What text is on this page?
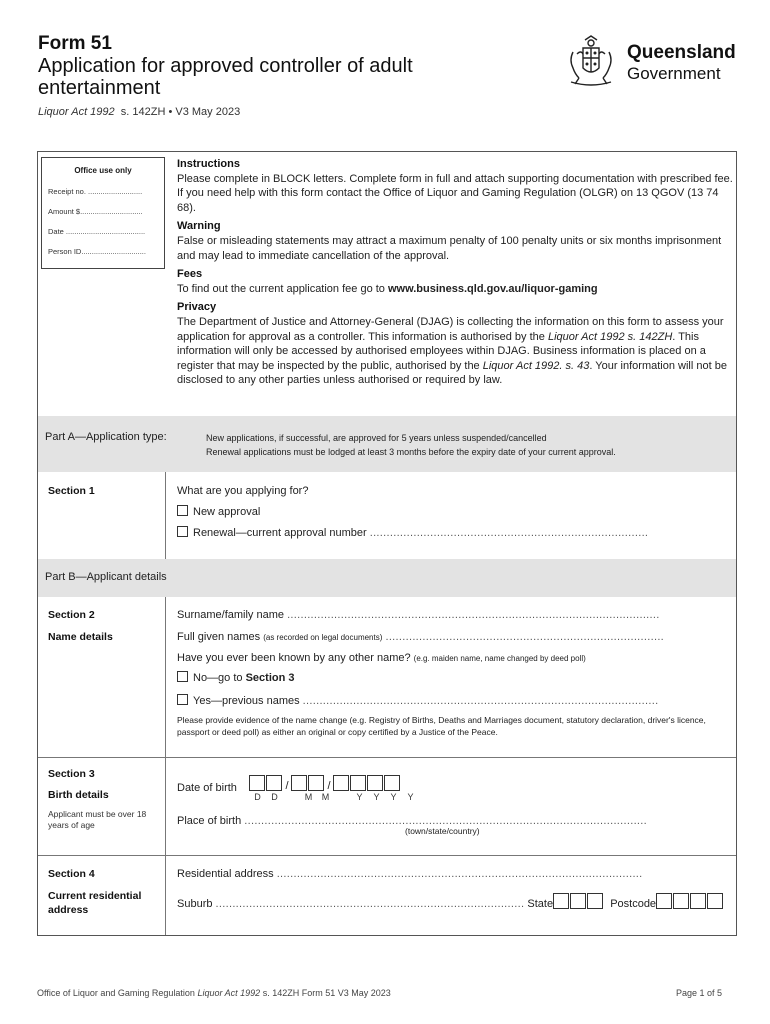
Form 51
Application for approved controller of adult entertainment
Liquor Act 1992 s. 142ZH • V3 May 2023
Queensland
Government
Office use only
Receipt no. ..........................
Amount $..............................
Date ......................................
Person ID...............................
Instructions

Please complete in BLOCK letters. Complete form in full and attach supporting documentation with prescribed fee. If you need help with this form contact the Office of Liquor and Gaming Regulation (OLGR) on 13 QGOV (13 74 68).

Warning

False or misleading statements may attract a maximum penalty of 100 penalty units or six months imprisonment and may lead to immediate cancellation of the approval.

Fees

To find out the current application fee go to www.business.qld.gov.au/liquor-gaming

Privacy

The Department of Justice and Attorney-General (DJAG) is collecting the information on this form to assess your application for approval as a controller. This information is authorised by the Liquor Act 1992 s. 142ZH. This information will only be accessed by authorised employees within DJAG. Business information is placed on a register that may be inspected by the public, authorised by the Liquor Act 1992. s. 43. Your information will not be disclosed to any other parties unless authorised or required by law.

Part A—Application type:	New applications, if successful, are approved for 5 years unless suspended/cancelled
Renewal applications must be lodged at least 3 months before the expiry date of your current approval.
Section 1	What are you applying for?
New approval
Renewal—current approval number ...................................................................................
Part B—Applicant details
Section 2
Name details
Surname/family name ...............................................................................................................
Full given names (as recorded on legal documents) ...................................................................................
Have you ever been known by any other name? (e.g. maiden name, name changed by deed poll)
No—go to Section 3
Yes—previous names ..........................................................................................................
Please provide evidence of the name change (e.g. Registry of Births, Deaths and Marriages document, statutory declaration, driver's licence, passport or deed poll) as either an original or copy certified by a Justice of the Peace.
Section 3
Birth details
Applicant must be over 18 years of age
Date of birth	/	/
D D	M M	Y Y Y Y
Place of birth ........................................................................................................................
(town/state/country)
Section 4
Current residential address
Residential address .............................................................................................................
Suburb ............................................................................................ State	Postcode
Office of Liquor and Gaming Regulation Liquor Act 1992 s. 142ZH Form 51 V3 May 2023	Page 1 of 5
